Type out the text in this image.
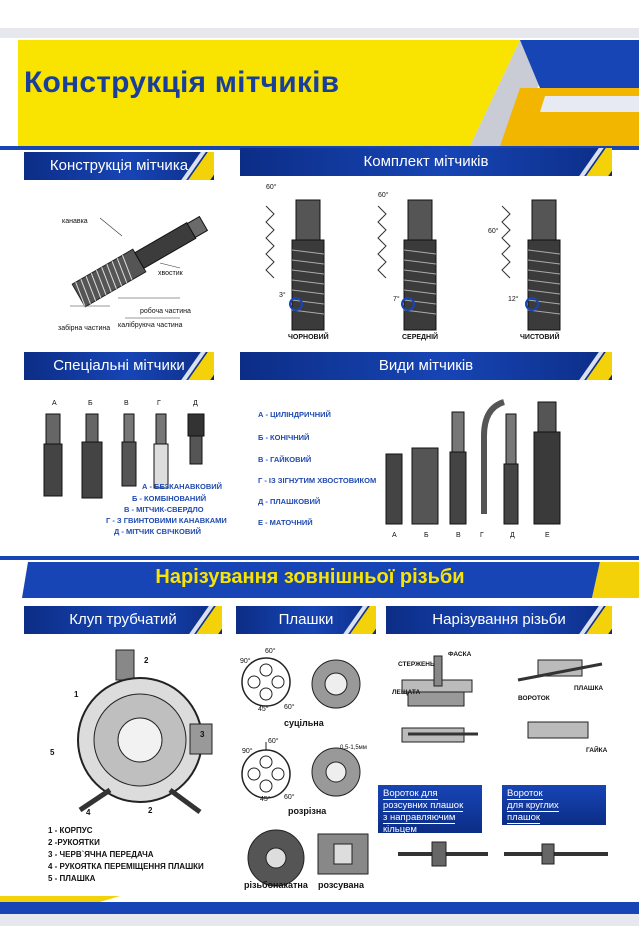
Конструкція мітчиків
Конструкція мітчика	Комплект мітчиків
канавка
хвостик
робоча частина
забірна частина калібруюча частина
60°
60°
60°
3°
7°	12°
ЧОРНОВИЙ	СЕРЕДНІЙ	ЧИСТОВИЙ
Спеціальні мітчики	Види мітчиків
А	Б	В	Г	Д
А - БЕЗКАНАВКОВИЙ
Б - КОМБІНОВАНИЙ
В - МІТЧИК-СВЕРДЛО
Г - З ГВИНТОВИМИ КАНАВКАМИ
Д - МІТЧИК СВІЧКОВИЙ
А - ЦИЛІНДРИЧНИЙ
Б - КОНІЧНИЙ
В - ГАЙКОВИЙ
Г - ІЗ ЗІГНУТИМ ХВОСТОВИКОМ
Д - ПЛАШКОВИЙ
Е - МАТОЧНИЙ
А	Б	В	Г	Д	Е
Нарізування зовнішньої різьби
Клуп трубчатий	Плашки	Нарізування різьби
1
2
3
4
5
2
1 - КОРПУС
2 -РУКОЯТКИ
3 - ЧЕРВ`ЯЧНА ПЕРЕДАЧА
4 - РУКОЯТКА ПЕРЕМІЩЕННЯ ПЛАШКИ
5 - ПЛАШКА
90°
60°
45° 60°
90°
60°
45° 60°
0,5-1,5мм
суцільна
розрізна
різьбонакатна розсувана
СТЕРЖЕНЬ
ФАСКА
ЛЕЩАТА
ПЛАШКА
ВОРОТОК
ГАЙКА
Вороток для
розсувних плашок
з направляючим
кільцем
Вороток
для круглих
плашок
